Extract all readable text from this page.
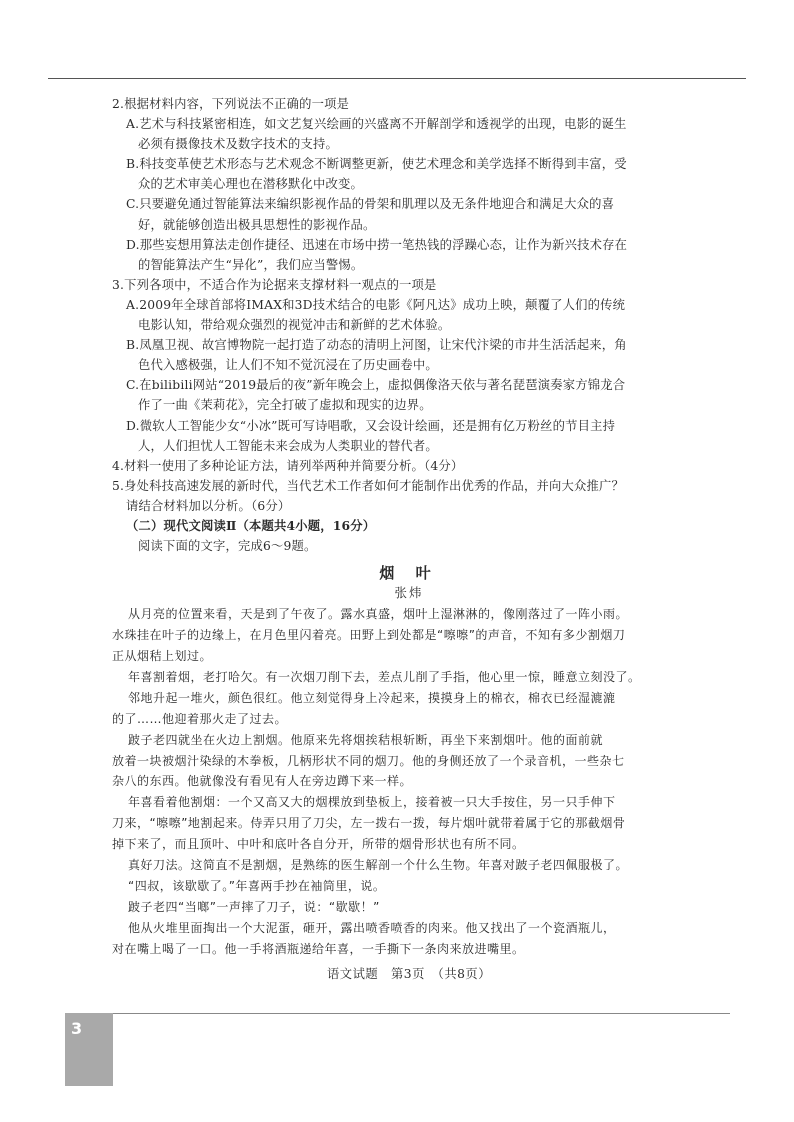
2.根据材料内容，下列说法不正确的一项是
A.艺术与科技紧密相连，如文艺复兴绘画的兴盛离不开解剖学和透视学的出现，电影的诞生
必须有摄像技术及数字技术的支持。
B.科技变革使艺术形态与艺术观念不断调整更新，使艺术理念和美学选择不断得到丰富，受
众的艺术审美心理也在潜移默化中改变。
C.只要避免通过智能算法来编织影视作品的骨架和肌理以及无条件地迎合和满足大众的喜
好，就能够创造出极具思想性的影视作品。
D.那些妄想用算法走创作捷径、迅速在市场中捞一笔热钱的浮躁心态，让作为新兴技术存在
的智能算法产生“异化”，我们应当警惕。
3.下列各项中，不适合作为论据来支撑材料一观点的一项是
A.2009年全球首部将IMAX和3D技术结合的电影《阿凡达》成功上映，颠覆了人们的传统
电影认知，带给观众强烈的视觉冲击和新鲜的艺术体验。
B.凤凰卫视、故宫博物院一起打造了动态的清明上河图，让宋代汴梁的市井生活活起来，角
色代入感极强，让人们不知不觉沉浸在了历史画卷中。
C.在bilibili网站“2019最后的夜”新年晚会上，虚拟偶像洛天依与著名琵琶演奏家方锦龙合
作了一曲《茉莉花》，完全打破了虚拟和现实的边界。
D.微软人工智能少女“小冰”既可写诗唱歌，又会设计绘画，还是拥有亿万粉丝的节目主持
人，人们担忧人工智能未来会成为人类职业的替代者。
4.材料一使用了多种论证方法，请列举两种并简要分析。（4分）
5.身处科技高速发展的新时代，当代艺术工作者如何才能制作出优秀的作品，并向大众推广？
请结合材料加以分析。（6分）
（二）现代文阅读Ⅱ（本题共4小题，16分）
阅读下面的文字，完成6～9题。
烟 叶
张炜
从月亮的位置来看，天是到了午夜了。露水真盛，烟叶上湿淋淋的，像刚落过了一阵小雨。
水珠挂在叶子的边缘上，在月色里闪着亮。田野上到处都是“嚓嚓”的声音，不知有多少割烟刀
正从烟秸上划过。
年喜割着烟，老打哈欠。有一次烟刀削下去，差点儿削了手指，他心里一惊，睡意立刻没了。
邻地升起一堆火，颜色很红。他立刻觉得身上冷起来，摸摸身上的棉衣，棉衣已经湿漉漉
的了……他迎着那火走了过去。
跛子老四就坐在火边上割烟。他原来先将烟挨秸根斩断，再坐下来割烟叶。他的面前就
放着一块被烟汁染绿的木拳板，几柄形状不同的烟刀。他的身侧还放了一个录音机，一些杂七
杂八的东西。他就像没有看见有人在旁边蹲下来一样。
年喜看着他割烟：一个又高又大的烟棵放到垫板上，接着被一只大手按住，另一只手伸下
刀来，“嚓嚓”地割起来。侍弄只用了刀尖，左一拨右一拨，每片烟叶就带着属于它的那截烟骨
掉下来了，而且顶叶、中叶和底叶各自分开，所带的烟骨形状也有所不同。
真好刀法。这简直不是割烟，是熟练的医生解剖一个什么生物。年喜对跛子老四佩服极了。
“四叔，该歇歇了。”年喜两手抄在袖筒里，说。
跛子老四“当啷”一声摔了刀子，说：“歇歇！”
他从火堆里面掏出一个大泥蛋，砸开，露出喷香喷香的肉来。他又找出了一个瓷酒瓶儿，
对在嘴上喝了一口。他一手将酒瓶递给年喜，一手撕下一条肉来放进嘴里。
语文试题　第3页　（共8页）
3
